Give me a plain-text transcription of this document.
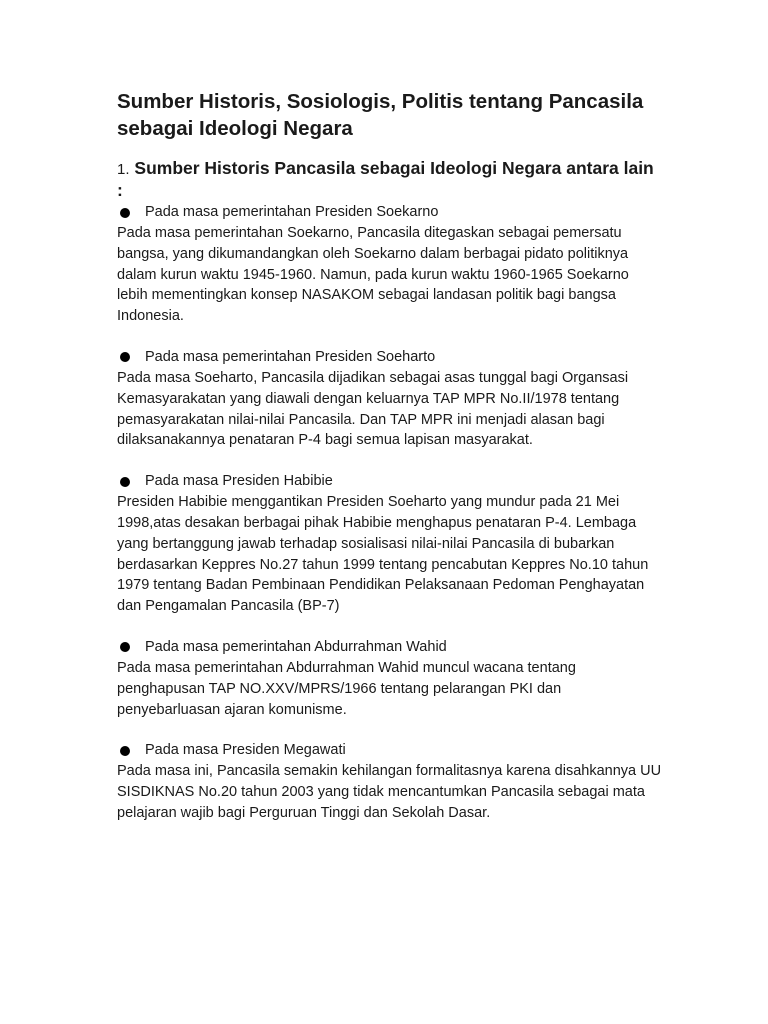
Sumber Historis, Sosiologis, Politis tentang Pancasila sebagai Ideologi Negara
1. Sumber Historis Pancasila sebagai Ideologi Negara antara lain :
Pada masa pemerintahan Presiden Soekarno

Pada masa pemerintahan Soekarno, Pancasila ditegaskan sebagai pemersatu bangsa, yang dikumandangkan oleh Soekarno dalam berbagai pidato politiknya dalam kurun waktu 1945-1960. Namun, pada kurun waktu 1960-1965 Soekarno lebih mementingkan konsep NASAKOM sebagai landasan politik bagi bangsa Indonesia.

Pada masa pemerintahan Presiden Soeharto

Pada masa Soeharto, Pancasila dijadikan sebagai asas tunggal bagi Organsasi Kemasyarakatan yang diawali dengan keluarnya TAP MPR No.II/1978 tentang pemasyarakatan nilai-nilai Pancasila. Dan TAP MPR ini menjadi alasan bagi dilaksanakannya penataran P-4 bagi semua lapisan masyarakat.

Pada masa Presiden Habibie

Presiden Habibie menggantikan Presiden Soeharto yang mundur pada 21 Mei 1998,atas desakan berbagai pihak Habibie menghapus penataran P-4. Lembaga yang bertanggung jawab terhadap sosialisasi nilai-nilai Pancasila di bubarkan berdasarkan Keppres No.27 tahun 1999 tentang pencabutan Keppres No.10 tahun 1979 tentang Badan Pembinaan Pendidikan Pelaksanaan Pedoman Penghayatan dan Pengamalan Pancasila (BP-7)

Pada masa pemerintahan Abdurrahman Wahid

Pada masa pemerintahan Abdurrahman Wahid muncul wacana tentang penghapusan TAP NO.XXV/MPRS/1966 tentang pelarangan PKI dan penyebarluasan ajaran komunisme.

Pada masa Presiden Megawati

Pada masa ini, Pancasila semakin kehilangan formalitasnya karena disahkannya UU SISDIKNAS No.20 tahun 2003 yang tidak mencantumkan Pancasila sebagai mata pelajaran wajib bagi Perguruan Tinggi dan Sekolah Dasar.
